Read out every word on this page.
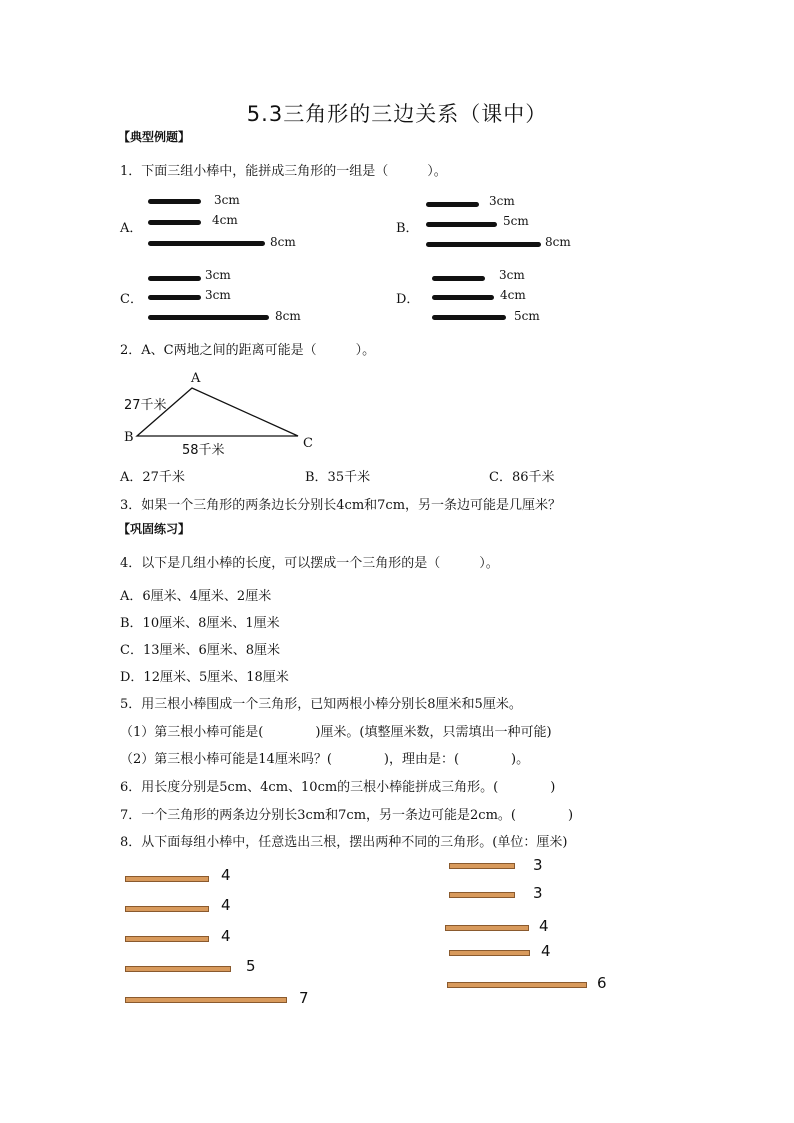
5.3三角形的三边关系（课中）
【典型例题】
1．下面三组小棒中，能拼成三角形的一组是（　　　）。
A．
3cm
4cm
8cm
B．
3cm
5cm
8cm
C．
3cm
3cm
8cm
D．
3cm
4cm
5cm
2．A、C两地之间的距离可能是（　　　）。
A
B	C
27千米
58千米
A．27千米	B．35千米	C．86千米
3．如果一个三角形的两条边长分别长4cm和7cm，另一条边可能是几厘米？
【巩固练习】
4．以下是几组小棒的长度，可以摆成一个三角形的是（　　　）。
A．6厘米、4厘米、2厘米
B．10厘米、8厘米、1厘米
C．13厘米、6厘米、8厘米
D．12厘米、5厘米、18厘米
5．用三根小棒围成一个三角形，已知两根小棒分别长8厘米和5厘米。
（1）第三根小棒可能是(　　　　)厘米。(填整厘米数，只需填出一种可能)
（2）第三根小棒可能是14厘米吗？(　　　　)，理由是：(　　　　)。
6．用长度分别是5cm、4cm、10cm的三根小棒能拼成三角形。(　　　　)
7．一个三角形的两条边分别长3cm和7cm，另一条边可能是2cm。(　　　　)
8．从下面每组小棒中，任意选出三根，摆出两种不同的三角形。(单位：厘米)
4
4
4
5
7
3
3
4
4
6
